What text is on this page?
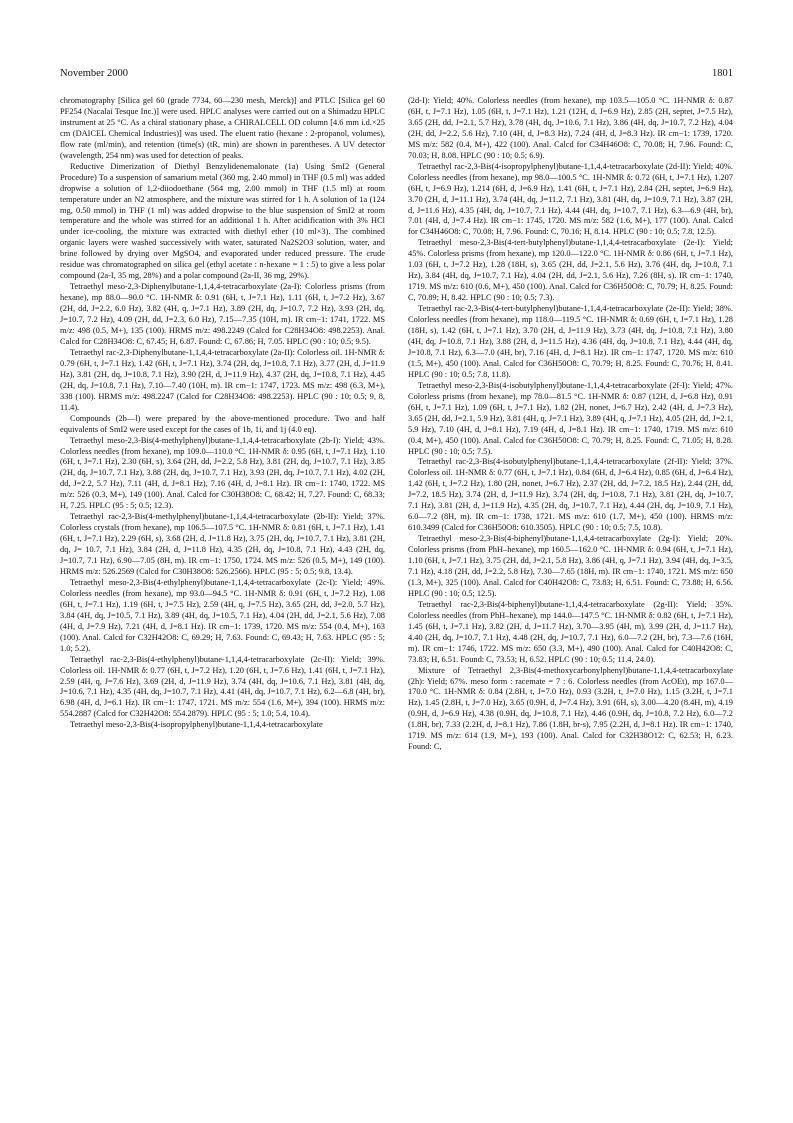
November 2000	1801

chromatography [Silica gel 60 (grade 7734, 60—230 mesh, Merck)] and PTLC [Silica gel 60 PF254 (Nacalai Tesque Inc.)] were used. HPLC analyses were carried out on a Shimadzu HPLC instrument at 25 °C. As a chiral stationary phase, a CHIRALCELL OD column [4.6 mm i.d.×25 cm (DAICEL Chemical Industries)] was used. The eluent ratio (hexane : 2-propanol, volumes), flow rate (ml/min), and retention (time(s) (tR, min) are shown in parentheses. A UV detector (wavelength, 254 nm) was used for detection of peaks.

Reductive Dimerization of Diethyl Benzylidenemalonate (1a) Using SmI2 (General Procedure) To a suspension of samarium metal (360 mg, 2.40 mmol) in THF (0.5 ml) was added dropwise a solution of 1,2-diiodoethane (564 mg, 2.00 mmol) in THF (1.5 ml) at room temperature under an N2 atmosphere, and the mixture was stirred for 1 h. A solution of 1a (124 mg, 0.50 mmol) in THF (1 ml) was added dropwise to the blue suspension of SmI2 at room temperature and the whole was stirred for an additional 1 h. After acidification with 3% HCl under ice-cooling, the mixture was extracted with diethyl ether (10 ml×3). The combined organic layers were washed successively with water, saturated Na2S2O3 solution, water, and brine followed by drying over MgSO4, and evaporated under reduced pressure. The crude residue was chromatographed on silica gel (ethyl acetate : n-hexane = 1 : 5) to give a less polar compound (2a-I, 35 mg, 28%) and a polar compound (2a-II, 36 mg, 29%).

Tetraethyl meso-2,3-Diphenylbutane-1,1,4,4-tetracarboxylate (2a-I): Colorless prisms (from hexane), mp 88.0—90.0 °C. 1H-NMR δ: 0.91 (6H, t, J=7.1 Hz), 1.11 (6H, t, J=7.2 Hz), 3.67 (2H, dd, J=2.2, 6.0 Hz), 3.82 (4H, q, J=7.1 Hz), 3.89 (2H, dq, J=10.7, 7.2 Hz), 3.93 (2H, dq, J=10.7, 7.2 Hz), 4.09 (2H, dd, J=2.3, 6.0 Hz), 7.15—7.35 (10H, m). IR cm−1: 1741, 1722. MS m/z: 498 (0.5, M+), 135 (100). HRMS m/z: 498.2249 (Calcd for C28H34O8: 498.2253). Anal. Calcd for C28H34O8: C, 67.45; H, 6.87. Found: C, 67.86; H, 7.05. HPLC (90 : 10; 0.5; 9.5).

Tetraethyl rac-2,3-Diphenylbutane-1,1,4,4-tetracarboxylate (2a-II): Colorless oil. 1H-NMR δ: 0.79 (6H, t, J=7.1 Hz), 1.42 (6H, t, J=7.1 Hz), 3.74 (2H, dq, J=10.8, 7.1 Hz), 3.77 (2H, d, J=11.9 Hz), 3.81 (2H, dq, J=10.8, 7.1 Hz), 3.90 (2H, d, J=11.9 Hz), 4.37 (2H, dq, J=10.8, 7.1 Hz), 4.45 (2H, dq, J=10.8, 7.1 Hz), 7.10—7.40 (10H, m). IR cm−1: 1747, 1723. MS m/z: 498 (6.3, M+), 338 (100). HRMS m/z: 498.2247 (Calcd for C28H34O8: 498.2253). HPLC (90 : 10; 0.5; 9, 8, 11.4).

Compounds (2b—l) were prepared by the above-mentioned procedure. Two and half equivalents of SmI2 were used except for the cases of 1b, 1i, and 1j (4.0 eq).

Tetraethyl meso-2,3-Bis(4-methylphenyl)butane-1,1,4,4-tetracarboxylate (2b-I): Yield; 43%. Colorless needles (from hexane), mp 109.0—110.0 °C. 1H-NMR δ: 0.95 (6H, t, J=7.1 Hz), 1.10 (6H, t, J=7.1 Hz), 2.30 (6H, s), 3.64 (2H, dd, J=2.2, 5.8 Hz), 3.81 (2H, dq, J=10.7, 7.1 Hz), 3.85 (2H, dq, J=10.7, 7.1 Hz), 3.88 (2H, dq, J=10.7, 7.1 Hz), 3.93 (2H, dq, J=10.7, 7.1 Hz), 4.02 (2H, dd, J=2.2, 5.7 Hz), 7.11 (4H, d, J=8.1 Hz), 7.16 (4H, d, J=8.1 Hz). IR cm−1: 1740, 1722. MS m/z: 526 (0.3, M+), 149 (100). Anal. Calcd for C30H38O8: C, 68.42; H, 7.27. Found: C, 68.33; H, 7.25. HPLC (95 : 5; 0.5; 12.3).

Tetraethyl rac-2,3-Bis(4-methylphenyl)butane-1,1,4,4-tetracarboxylate (2b-II): Yield; 37%. Colorless crystals (from hexane), mp 106.5—107.5 °C. 1H-NMR δ: 0.81 (6H, t, J=7.1 Hz), 1.41 (6H, t, J=7.1 Hz), 2.29 (6H, s), 3.68 (2H, d, J=11.8 Hz), 3.75 (2H, dq, J=10.7, 7.1 Hz), 3.81 (2H, dq, J= 10.7, 7.1 Hz), 3.84 (2H, d, J=11.8 Hz), 4.35 (2H, dq, J=10.8, 7.1 Hz), 4.43 (2H, dq, J=10.7, 7.1 Hz), 6.90—7.05 (8H, m). IR cm−1: 1750, 1724. MS m/z: 526 (0.5, M+), 149 (100). HRMS m/z: 526.2569 (Calcd for C30H38O8: 526.2566). HPLC (95 : 5; 0.5; 9.8, 13.4).

Tetraethyl meso-2,3-Bis(4-ethylphenyl)butane-1,1,4,4-tetracarboxylate (2c-I): Yield; 49%. Colorless needles (from hexane), mp 93.0—94.5 °C. 1H-NMR δ: 0.91 (6H, t, J=7.2 Hz), 1.08 (6H, t, J=7.1 Hz), 1.19 (6H, t, J=7.5 Hz), 2.59 (4H, q, J=7.5 Hz), 3.65 (2H, dd, J=2.0, 5.7 Hz), 3.84 (4H, dq, J=10.5, 7.1 Hz), 3.89 (4H, dq, J=10.5, 7.1 Hz), 4.04 (2H, dd, J=2.1, 5.6 Hz), 7.08 (4H, d, J=7.9 Hz), 7.21 (4H, d, J=8.1 Hz). IR cm−1: 1739, 1720. MS m/z: 554 (0.4, M+), 163 (100). Anal. Calcd for C32H42O8: C, 69.29; H, 7.63. Found: C, 69.43; H, 7.63. HPLC (95 : 5; 1.0; 5.2).

Tetraethyl rac-2,3-Bis(4-ethylphenyl)butane-1,1,4,4-tetracarboxylate (2c-II): Yield; 39%. Colorless oil. 1H-NMR δ: 0.77 (6H, t, J=7.2 Hz), 1.20 (6H, t, J=7.6 Hz), 1.41 (6H, t, J=7.1 Hz), 2.59 (4H, q, J=7.6 Hz), 3.69 (2H, d, J=11.9 Hz), 3.74 (4H, dq, J=10.6, 7.1 Hz), 3.81 (4H, dq, J=10.6, 7.1 Hz), 4.35 (4H, dq, J=10.7, 7.1 Hz), 4.41 (4H, dq, J=10.7, 7.1 Hz), 6.2—6.8 (4H, br), 6.98 (4H, d, J=6.1 Hz). IR cm−1: 1747, 1721. MS m/z: 554 (1.6, M+), 394 (100). HRMS m/z: 554.2887 (Calcd for C32H42O8: 554.2879). HPLC (95 : 5; 1.0; 5.4, 10.4).

Tetraethyl meso-2,3-Bis(4-isopropylphenyl)butane-1,1,4,4-tetracarboxylate

(2d-I): Yield; 40%. Colorless needles (from hexane), mp 103.5—105.0 °C. 1H-NMR δ: 0.87 (6H, t, J=7.1 Hz), 1.05 (6H, t, J=7.1 Hz), 1.21 (12H, d, J=6.9 Hz), 2.85 (2H, septet, J=7.5 Hz), 3.65 (2H, dd, J=2.1, 5.7 Hz), 3.78 (4H, dq, J=10.6, 7.1 Hz), 3.86 (4H, dq, J=10.7, 7.2 Hz), 4.04 (2H, dd, J=2.2, 5.6 Hz), 7.10 (4H, d, J=8.3 Hz), 7.24 (4H, d, J=8.3 Hz). IR cm−1: 1739, 1720. MS m/z: 582 (0.4, M+), 422 (100). Anal. Calcd for C34H46O8: C, 70.08; H, 7.96. Found: C, 70.03; H, 8.08. HPLC (90 : 10; 0.5; 6.9).

Tetraethyl rac-2,3-Bis(4-isopropylphenyl)butane-1,1,4,4-tetracarboxylate (2d-II): Yield; 40%. Colorless needles (from hexane), mp 98.0—100.5 °C. 1H-NMR δ: 0.72 (6H, t, J=7.1 Hz), 1.207 (6H, t, J=6.9 Hz), 1.214 (6H, d, J=6.9 Hz), 1.41 (6H, t, J=7.1 Hz), 2.84 (2H, septet, J=6.9 Hz), 3.70 (2H, d, J=11.1 Hz), 3.74 (4H, dq, J=11.2, 7.1 Hz), 3.81 (4H, dq, J=10.9, 7.1 Hz), 3.87 (2H, d, J=11.6 Hz), 4.35 (4H, dq, J=10.7, 7.1 Hz), 4.44 (4H, dq, J=10.7, 7.1 Hz), 6.3—6.9 (4H, br), 7.01 (4H, d, J=7.4 Hz). IR cm−1: 1745, 1720. MS m/z: 582 (1.6, M+), 177 (100). Anal. Calcd for C34H46O8: C, 70.08; H, 7.96. Found: C, 70.16; H, 8.14. HPLC (90 : 10; 0.5; 7.8, 12.5).

Tetraethyl meso-2,3-Bis(4-tert-butylphenyl)butane-1,1,4,4-tetracarboxylate (2e-I): Yield; 45%. Colorless prisms (from hexane), mp 120.0—122.0 °C. 1H-NMR δ: 0.86 (6H, t, J=7.1 Hz), 1.03 (6H, t, J=7.2 Hz), 1.28 (18H, s), 3.65 (2H, dd, J=2.1, 5.6 Hz), 3.76 (4H, dq, J=10.8, 7.1 Hz), 3.84 (4H, dq, J=10.7, 7.1 Hz), 4.04 (2H, dd, J=2.1, 5.6 Hz), 7.26 (8H, s). IR cm−1: 1740, 1719. MS m/z: 610 (0.6, M+), 450 (100). Anal. Calcd for C36H50O8: C, 70.79; H, 8.25. Found: C, 70.89; H, 8.42. HPLC (90 : 10; 0.5; 7.3).

Tetraethyl rac-2,3-Bis(4-tert-butylphenyl)butane-1,1,4,4-tetracarboxylate (2e-II): Yield; 38%. Colorless needles (from hexane), mp 118.0—119.5 °C. 1H-NMR δ: 0.69 (6H, t, J=7.1 Hz), 1.28 (18H, s), 1.42 (6H, t, J=7.1 Hz), 3.70 (2H, d, J=11.9 Hz), 3.73 (4H, dq, J=10.8, 7.1 Hz), 3.80 (4H, dq, J=10.8, 7.1 Hz), 3.88 (2H, d, J=11.5 Hz), 4.36 (4H, dq, J=10.8, 7.1 Hz), 4.44 (4H, dq, J=10.8, 7.1 Hz), 6.3—7.0 (4H, br), 7.16 (4H, d, J=8.1 Hz). IR cm−1: 1747, 1720. MS m/z: 610 (1.5, M+), 450 (100). Anal. Calcd for C36H50O8: C, 70.79; H, 8.25. Found: C, 70.76; H, 8.41. HPLC (90 : 10; 0.5; 7.8, 11.8).

Tetraethyl meso-2,3-Bis(4-isobutylphenyl)butane-1,1,4,4-tetracarboxylate (2f-I): Yield; 47%. Colorless prisms (from hexane), mp 78.0—81.5 °C. 1H-NMR δ: 0.87 (12H, d, J=6.8 Hz), 0.91 (6H, t, J=7.1 Hz), 1.09 (6H, t, J=7.1 Hz), 1.82 (2H, nonet, J=6.7 Hz), 2.42 (4H, d, J=7.3 Hz), 3.65 (2H, dd, J=2.1, 5.9 Hz), 3.81 (4H, q, J=7.1 Hz), 3.89 (4H, q, J=7.1 Hz), 4.05 (2H, dd, J=2.1, 5.9 Hz), 7.10 (4H, d, J=8.1 Hz), 7.19 (4H, d, J=8.1 Hz). IR cm−1: 1740, 1719. MS m/z: 610 (0.4, M+), 450 (100). Anal. Calcd for C36H50O8: C, 70.79; H, 8.25. Found: C, 71.05; H, 8.28. HPLC (90 : 10; 0.5; 7.5).

Tetraethyl rac-2,3-Bis(4-isobutylphenyl)butane-1,1,4,4-tetracarboxylate (2f-II): Yield; 37%. Colorless oil. 1H-NMR δ: 0.77 (6H, t, J=7.1 Hz), 0.84 (6H, d, J=6.4 Hz), 0.85 (6H, d, J=6.4 Hz), 1.42 (6H, t, J=7.2 Hz), 1.80 (2H, nonet, J=6.7 Hz), 2.37 (2H, dd, J=7.2, 18.5 Hz), 2.44 (2H, dd, J=7.2, 18.5 Hz), 3.74 (2H, d, J=11.9 Hz), 3.74 (2H, dq, J=10.8, 7.1 Hz), 3.81 (2H, dq, J=10.7, 7.1 Hz), 3.81 (2H, d, J=11.9 Hz), 4.35 (2H, dq, J=10.7, 7.1 Hz), 4.44 (2H, dq, J=10.9, 7.1 Hz), 6.0—7.2 (8H, m). IR cm−1: 1738, 1721. MS m/z: 610 (1.7, M+), 450 (100). HRMS m/z: 610.3499 (Calcd for C36H50O8: 610.3505). HPLC (90 : 10; 0.5; 7.5, 10.8).

Tetraethyl meso-2,3-Bis(4-biphenyl)butane-1,1,4,4-tetracarboxylate (2g-I): Yield; 20%. Colorless prisms (from PhH–hexane), mp 160.5—162.0 °C. 1H-NMR δ: 0.94 (6H, t, J=7.1 Hz), 1.10 (6H, t, J=7.1 Hz), 3.75 (2H, dd, J=2.1, 5.8 Hz), 3.86 (4H, q, J=7.1 Hz), 3.94 (4H, dq, J=3.5, 7.1 Hz), 4.18 (2H, dd, J=2.2, 5.8 Hz), 7.30—7.65 (18H, m). IR cm−1: 1740, 1721. MS m/z: 650 (1.3, M+), 325 (100). Anal. Calcd for C40H42O8: C, 73.83; H, 6.51. Found: C, 73.88; H, 6.56. HPLC (90 : 10; 0.5; 12.5).

Tetraethyl rac-2,3-Bis(4-biphenyl)butane-1,1,4,4-tetracarboxylate (2g-II): Yield; 35%. Colorless needles (from PhH–hexane), mp 144.0—147.5 °C. 1H-NMR δ: 0.82 (6H, t, J=7.1 Hz), 1.45 (6H, t, J=7.1 Hz), 3.82 (2H, d, J=11.7 Hz), 3.70—3.95 (4H, m), 3.99 (2H, d, J=11.7 Hz), 4.40 (2H, dq, J=10.7, 7.1 Hz), 4.48 (2H, dq, J=10.7, 7.1 Hz), 6.0—7.2 (2H, br), 7.3—7.6 (16H, m). IR cm−1: 1746, 1722. MS m/z: 650 (3.3, M+), 490 (100). Anal. Calcd for C40H42O8: C, 73.83; H, 6.51. Found: C, 73.53; H, 6.52. HPLC (90 : 10; 0.5; 11.4, 24.0).

Mixture of Tetraethyl 2,3-Bis(4-methoxycarbonylphenyl)butane-1,1,4,4-tetracarboxylate (2h): Yield; 67%. meso form : racemate = 7 : 6. Colorless needles (from AcOEt), mp 167.0—170.0 °C. 1H-NMR δ: 0.84 (2.8H, t, J=7.0 Hz), 0.93 (3.2H, t, J=7.0 Hz), 1.15 (3.2H, t, J=7.1 Hz), 1.45 (2.8H, t, J=7.0 Hz), 3.65 (0.9H, d, J=7.4 Hz), 3.91 (6H, s), 3.00—4.20 (8.4H, m), 4.19 (0.9H, d, J=6.9 Hz), 4.38 (0.9H, dq, J=10.8, 7.1 Hz), 4.46 (0.9H, dq, J=10.8, 7.2 Hz), 6.0—7.2 (1.8H, br), 7.33 (2.2H, d, J=8.1 Hz), 7.86 (1.8H, br-s), 7.95 (2.2H, d, J=8.1 Hz). IR cm−1: 1740, 1719. MS m/z: 614 (1.9, M+), 193 (100). Anal. Calcd for C32H38O12: C, 62.53; H, 6.23. Found: C,
